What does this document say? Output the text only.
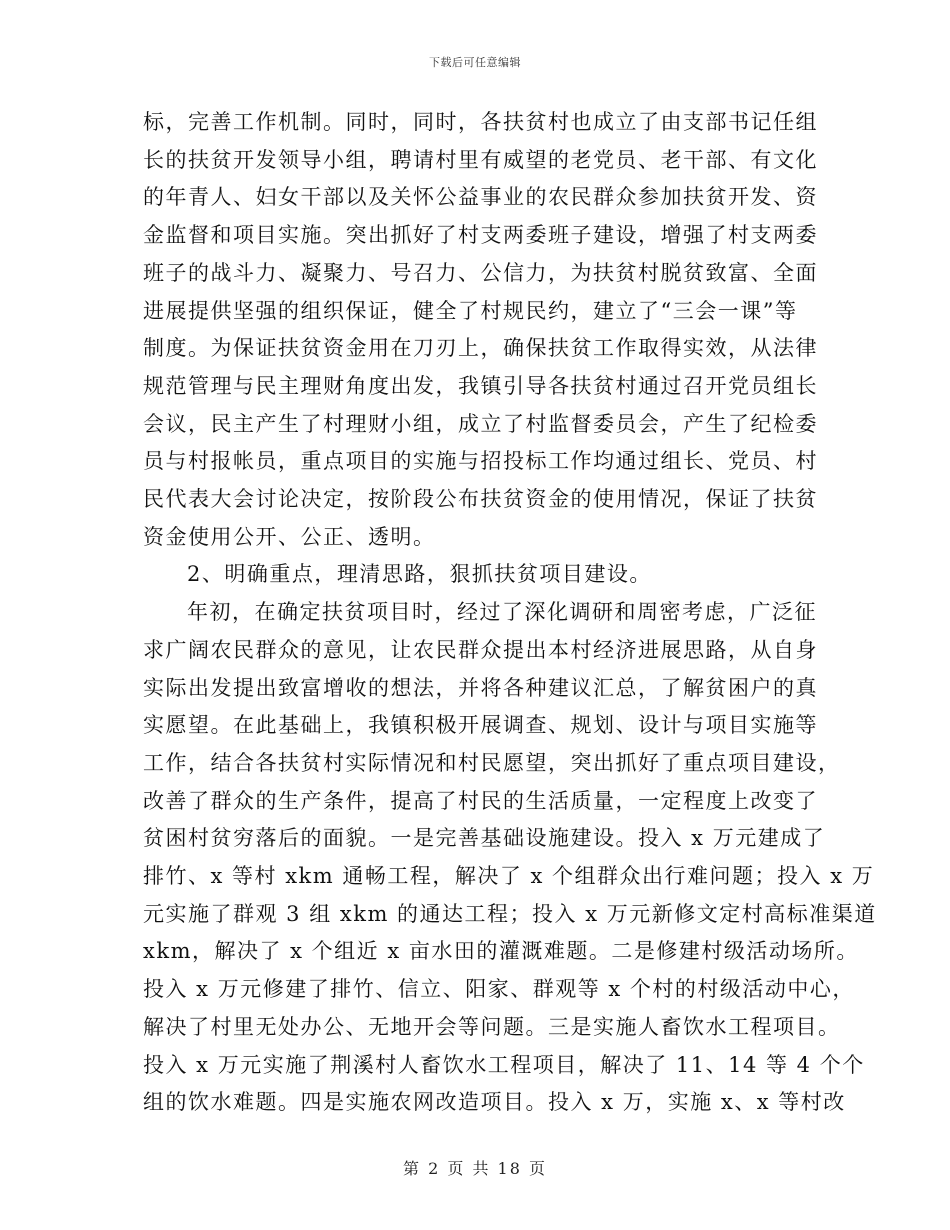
下载后可任意编辑

标，完善工作机制。同时，同时，各扶贫村也成立了由支部书记任组
长的扶贫开发领导小组，聘请村里有威望的老党员、老干部、有文化
的年青人、妇女干部以及关怀公益事业的农民群众参加扶贫开发、资
金监督和项目实施。突出抓好了村支两委班子建设，增强了村支两委
班子的战斗力、凝聚力、号召力、公信力，为扶贫村脱贫致富、全面
进展提供坚强的组织保证，健全了村规民约，建立了“三会一课”等
制度。为保证扶贫资金用在刀刃上，确保扶贫工作取得实效，从法律
规范管理与民主理财角度出发，我镇引导各扶贫村通过召开党员组长
会议，民主产生了村理财小组，成立了村监督委员会，产生了纪检委
员与村报帐员，重点项目的实施与招投标工作均通过组长、党员、村
民代表大会讨论决定，按阶段公布扶贫资金的使用情况，保证了扶贫
资金使用公开、公正、透明。

2、明确重点，理清思路，狠抓扶贫项目建设。

年初，在确定扶贫项目时，经过了深化调研和周密考虑，广泛征
求广阔农民群众的意见，让农民群众提出本村经济进展思路，从自身
实际出发提出致富增收的想法，并将各种建议汇总，了解贫困户的真
实愿望。在此基础上，我镇积极开展调查、规划、设计与项目实施等
工作，结合各扶贫村实际情况和村民愿望，突出抓好了重点项目建设，
改善了群众的生产条件，提高了村民的生活质量，一定程度上改变了
贫困村贫穷落后的面貌。一是完善基础设施建设。投入 x 万元建成了
排竹、x 等村 xkm 通畅工程，解决了 x 个组群众出行难问题；投入 x 万
元实施了群观 3 组 xkm 的通达工程；投入 x 万元新修文定村高标准渠道
xkm，解决了 x 个组近 x 亩水田的灌溉难题。二是修建村级活动场所。
投入 x 万元修建了排竹、信立、阳家、群观等 x 个村的村级活动中心，
解决了村里无处办公、无地开会等问题。三是实施人畜饮水工程项目。
投入 x 万元实施了荆溪村人畜饮水工程项目，解决了 11、14 等 4 个个
组的饮水难题。四是实施农网改造项目。投入 x 万，实施 x、x 等村改

第 2 页 共 18 页
